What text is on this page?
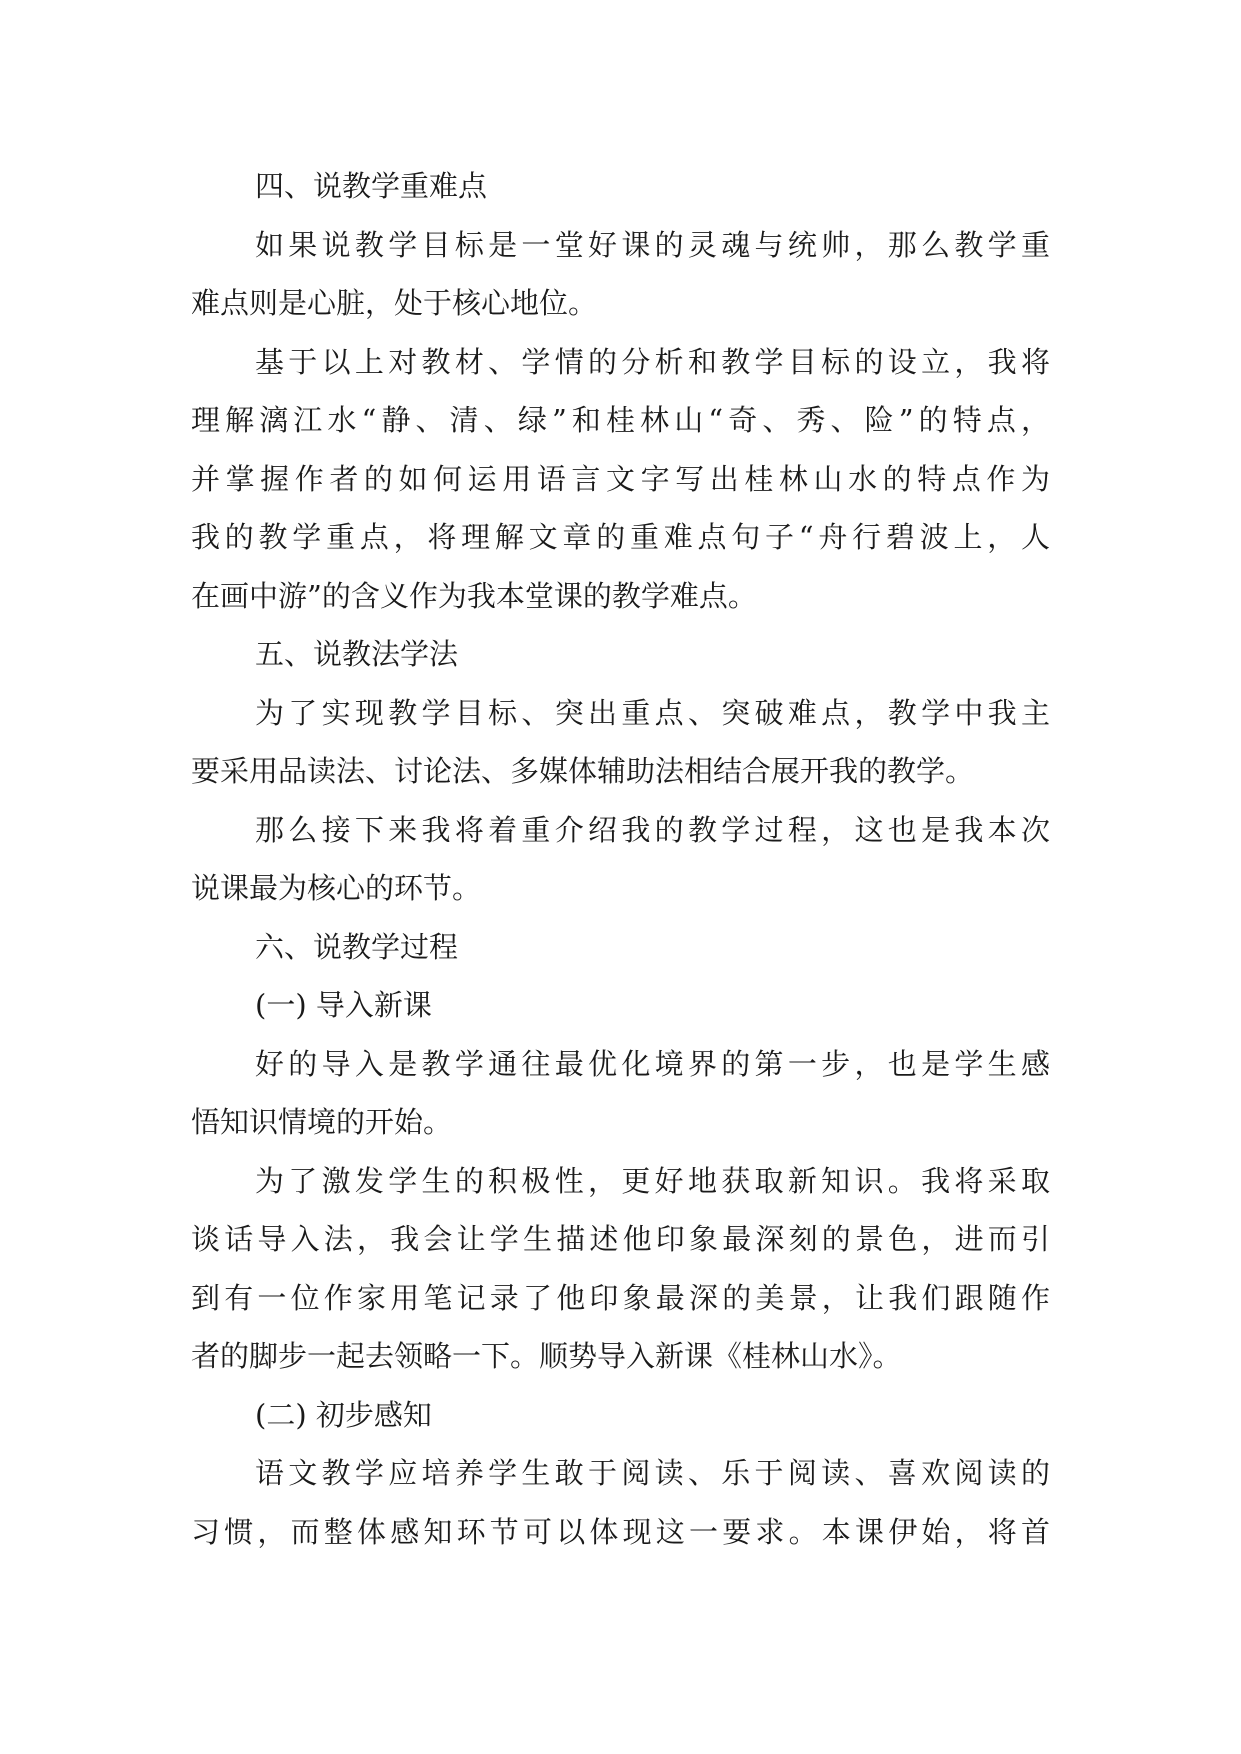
四、说教学重难点
如果说教学目标是一堂好课的灵魂与统帅，那么教学重
难点则是心脏，处于核心地位。
基于以上对教材、学情的分析和教学目标的设立，我将
理解漓江水“静、清、绿”和桂林山“奇、秀、险”的特点，
并掌握作者的如何运用语言文字写出桂林山水的特点作为
我的教学重点，将理解文章的重难点句子“舟行碧波上，人
在画中游”的含义作为我本堂课的教学难点。
五、说教法学法
为了实现教学目标、突出重点、突破难点，教学中我主
要采用品读法、讨论法、多媒体辅助法相结合展开我的教学。
那么接下来我将着重介绍我的教学过程，这也是我本次
说课最为核心的环节。
六、说教学过程
(一) 导入新课
好的导入是教学通往最优化境界的第一步，也是学生感
悟知识情境的开始。
为了激发学生的积极性，更好地获取新知识。我将采取
谈话导入法，我会让学生描述他印象最深刻的景色，进而引
到有一位作家用笔记录了他印象最深的美景，让我们跟随作
者的脚步一起去领略一下。顺势导入新课《桂林山水》。
(二) 初步感知
语文教学应培养学生敢于阅读、乐于阅读、喜欢阅读的
习惯，而整体感知环节可以体现这一要求。本课伊始，将首
